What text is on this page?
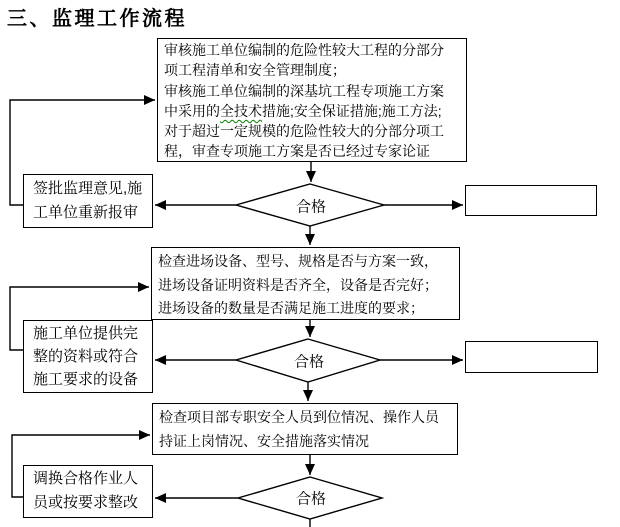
三、监理工作流程
审核施工单位编制的危险性较大工程的分部分
项工程清单和安全管理制度；
审核施工单位编制的深基坑工程专项施工方案
中采用的全技术措施;安全保证措施;施工方法;
对于超过一定规模的危险性较大的分部分项工
程，审查专项施工方案是否已经过专家论证
签批监理意见,施
工单位重新报审
检查进场设备、型号、规格是否与方案一致，
进场设备证明资料是否齐全，设备是否完好；
进场设备的数量是否满足施工进度的要求；
施工单位提供完
整的资料或符合
施工要求的设备
检查项目部专职安全人员到位情况、操作人员
持证上岗情况、安全措施落实情况
调换合格作业人
员或按要求整改
合格
合格
合格
